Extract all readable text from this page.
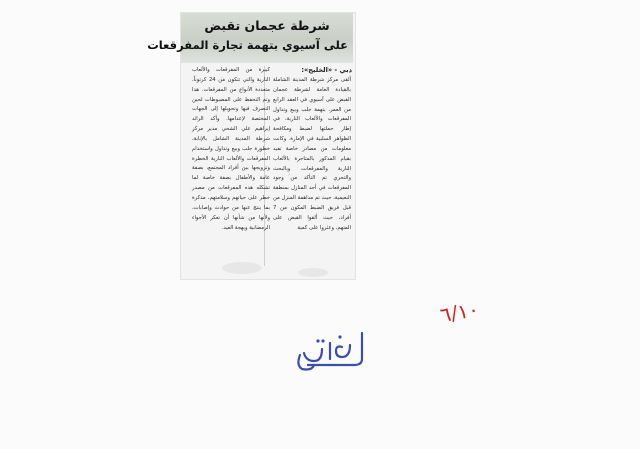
شرطة عجمان تقبض
على آسيوي بتهمة تجارة المفرقعات
دبي - «الخليج»:
ألقى مركز شرطة المدينة الشاملة بالقيادة العامة لشرطة عجمان القبض على آسيوي في العقد الرابع من العمر، بتهمة جلب وبيع وتداول المفرقعات والألعاب النارية، في إطار حملتها لضبط ومكافحة الظواهر السلبية في الإمارة. وكانت معلومات من مصادر خاصة تفيد بقيام المذكور بالمتاجرة بالألعاب النارية والمفرقعات، وبالبحث والتحري تم التأكد من وجود المفرقعات في أحد المنازل بمنطقة النعيمية، حيث تم مداهمة المنزل من قبل فريق الضبط المكون من 7 أفراد، حيث ألقوا القبض على المتهم، وعثروا على كمية
كبيرة من المفرقعات والألعاب النارية والتي تتكون من 24 كرتوناً، متعددة الأنواع من المفرقعات. هذا وتم التحفظ على المضبوطات لحين التصرف فيها وتحويلها إلى الجهات المختصة لإعدامها. وأكد الرائد إبراهيم علي الشحي مدير مركز شرطة المدينة الشامل بالإنابة، خطورة جلب وبيع وتداول واستخدام المفرقعات والألعاب النارية الخطرة وترويجها بين أفراد المجتمع، بصفة عامة والأطفال بصفة خاصة لما تشكله هذه المفرقعات من مصدر خطر على حياتهم وسلامتهم، مذكرة بما ينتج عنها من حوادث وإصابات، ولأنها من شأنها أن تعكر الأجواء الرمضانية وبهجة العيد.
٦/١٠
